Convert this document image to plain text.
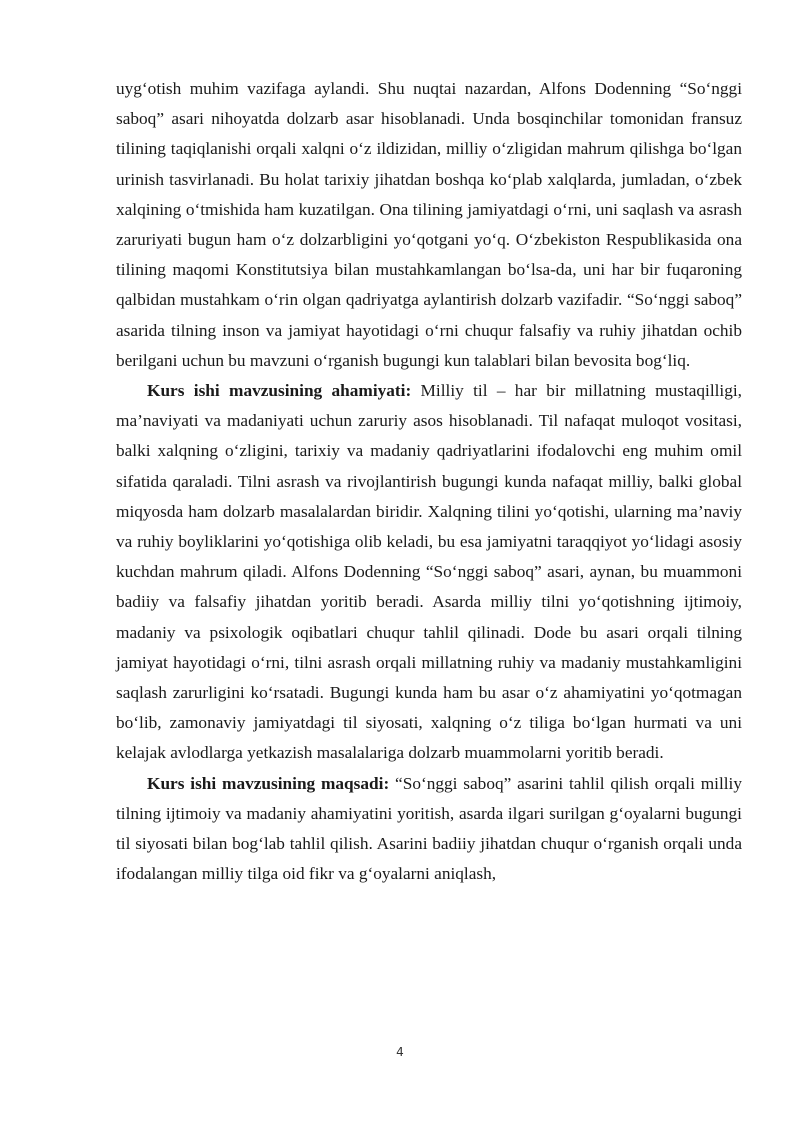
uyg‘otish muhim vazifaga aylandi. Shu nuqtai nazardan, Alfons Dodenning “So‘nggi saboq” asari nihoyatda dolzarb asar hisoblanadi. Unda bosqinchilar tomonidan fransuz tilining taqiqlanishi orqali xalqni o‘z ildizidan, milliy o‘zligidan mahrum qilishga bo‘lgan urinish tasvirlanadi. Bu holat tarixiy jihatdan boshqa ko‘plab xalqlarda, jumladan, o‘zbek xalqining o‘tmishida ham kuzatilgan. Ona tilining jamiyatdagi o‘rni, uni saqlash va asrash zaruriyati bugun ham o‘z dolzarbligini yo‘qotgani yo‘q. O‘zbekiston Respublikasida ona tilining maqomi Konstitutsiya bilan mustahkamlangan bo‘lsa-da, uni har bir fuqaroning qalbidan mustahkam o‘rin olgan qadriyatga aylantirish dolzarb vazifadir. “So‘nggi saboq” asarida tilning inson va jamiyat hayotidagi o‘rni chuqur falsafiy va ruhiy jihatdan ochib berilgani uchun bu mavzuni o‘rganish bugungi kun talablari bilan bevosita bog‘liq.

Kurs ishi mavzusining ahamiyati: Milliy til – har bir millatning mustaqilligi, ma’naviyati va madaniyati uchun zaruriy asos hisoblanadi. Til nafaqat muloqot vositasi, balki xalqning o‘zligini, tarixiy va madaniy qadriyatlarini ifodalovchi eng muhim omil sifatida qaraladi. Tilni asrash va rivojlantirish bugungi kunda nafaqat milliy, balki global miqyosda ham dolzarb masalalardan biridir. Xalqning tilini yo‘qotishi, ularning ma’naviy va ruhiy boyliklarini yo‘qotishiga olib keladi, bu esa jamiyatni taraqqiyot yo‘lidagi asosiy kuchdan mahrum qiladi. Alfons Dodenning “So‘nggi saboq” asari, aynan, bu muammoni badiiy va falsafiy jihatdan yoritib beradi. Asarda milliy tilni yo‘qotishning ijtimoiy, madaniy va psixologik oqibatlari chuqur tahlil qilinadi. Dode bu asari orqali tilning jamiyat hayotidagi o‘rni, tilni asrash orqali millatning ruhiy va madaniy mustahkamligini saqlash zarurligini ko‘rsatadi. Bugungi kunda ham bu asar o‘z ahamiyatini yo‘qotmagan bo‘lib, zamonaviy jamiyatdagi til siyosati, xalqning o‘z tiliga bo‘lgan hurmati va uni kelajak avlodlarga yetkazish masalalariga dolzarb muammolarni yoritib beradi.

Kurs ishi mavzusining maqsadi: “So‘nggi saboq” asarini tahlil qilish orqali milliy tilning ijtimoiy va madaniy ahamiyatini yoritish, asarda ilgari surilgan g‘oyalarni bugungi til siyosati bilan bog‘lab tahlil qilish. Asarini badiiy jihatdan chuqur o‘rganish orqali unda ifodalangan milliy tilga oid fikr va g‘oyalarni aniqlash,

4
